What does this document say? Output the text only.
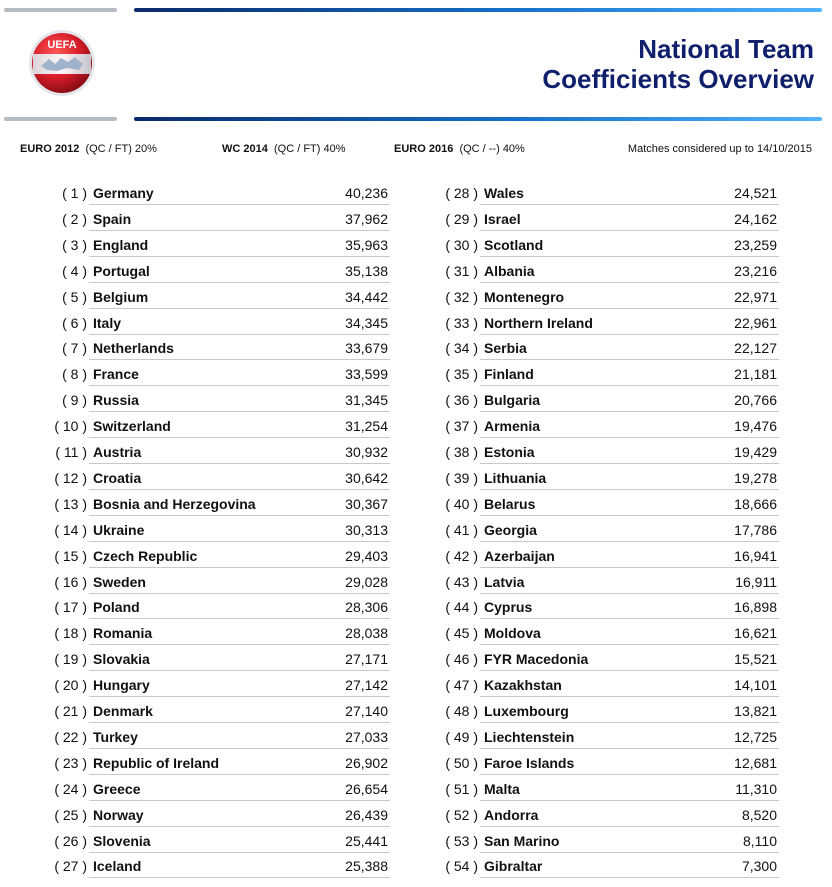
UEFA	National Team
Coefficients Overview
EURO 2012 (QC / FT) 20%	WC 2014 (QC / FT) 40%	EURO 2016 (QC / --) 40%	Matches considered up to 14/10/2015
( 1 ) Germany	40,236
( 2 ) Spain	37,962
( 3 ) England	35,963
( 4 ) Portugal	35,138
( 5 ) Belgium	34,442
( 6 ) Italy	34,345
( 7 ) Netherlands	33,679
( 8 ) France	33,599
( 9 ) Russia	31,345
( 10 ) Switzerland	31,254
( 11 ) Austria	30,932
( 12 ) Croatia	30,642
( 13 ) Bosnia and Herzegovina	30,367
( 14 ) Ukraine	30,313
( 15 ) Czech Republic	29,403
( 16 ) Sweden	29,028
( 17 ) Poland	28,306
( 18 ) Romania	28,038
( 19 ) Slovakia	27,171
( 20 ) Hungary	27,142
( 21 ) Denmark	27,140
( 22 ) Turkey	27,033
( 23 ) Republic of Ireland	26,902
( 24 ) Greece	26,654
( 25 ) Norway	26,439
( 26 ) Slovenia	25,441
( 27 ) Iceland	25,388
( 28 ) Wales	24,521
( 29 ) Israel	24,162
( 30 ) Scotland	23,259
( 31 ) Albania	23,216
( 32 ) Montenegro	22,971
( 33 ) Northern Ireland	22,961
( 34 ) Serbia	22,127
( 35 ) Finland	21,181
( 36 ) Bulgaria	20,766
( 37 ) Armenia	19,476
( 38 ) Estonia	19,429
( 39 ) Lithuania	19,278
( 40 ) Belarus	18,666
( 41 ) Georgia	17,786
( 42 ) Azerbaijan	16,941
( 43 ) Latvia	16,911
( 44 ) Cyprus	16,898
( 45 ) Moldova	16,621
( 46 ) FYR Macedonia	15,521
( 47 ) Kazakhstan	14,101
( 48 ) Luxembourg	13,821
( 49 ) Liechtenstein	12,725
( 50 ) Faroe Islands	12,681
( 51 ) Malta	11,310
( 52 ) Andorra	8,520
( 53 ) San Marino	8,110
( 54 ) Gibraltar	7,300
